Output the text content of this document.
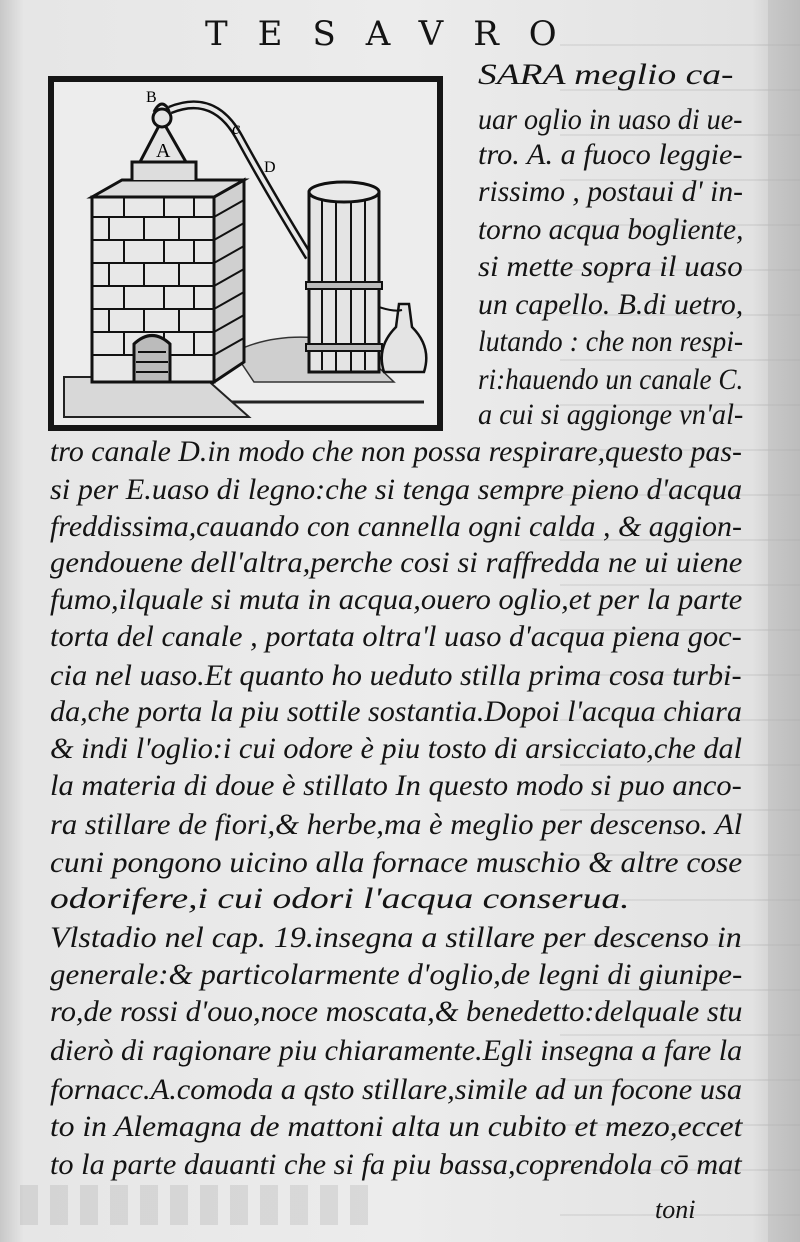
TESAVRO
B
c
A
D
SARA meglio ca-
uar oglio in uaso di ue-
tro. A. a fuoco leggie-
rissimo , postaui d' in-
torno acqua bogliente,
si mette sopra il uaso
un capello. B.di uetro,
lutando : che non respi-
ri:hauendo un canale C.
a cui si aggionge vn'al-
tro canale D.in modo che non possa respirare,questo pas-
si per E.uaso di legno:che si tenga sempre pieno d'acqua
freddissima,cauando con cannella ogni calda , & aggion-
gendouene dell'altra,perche cosi si raffredda ne ui uiene
fumo,ilquale si muta in acqua,ouero oglio,et per la parte
torta del canale , portata oltra'l uaso d'acqua piena goc-
cia nel uaso.Et quanto ho ueduto stilla prima cosa turbi-
da,che porta la piu sottile sostantia.Dopoi l'acqua chiara
& indi l'oglio:i cui odore è piu tosto di arsicciato,che dal
la materia di doue è stillato In questo modo si puo anco-
ra stillare de fiori,& herbe,ma è meglio per descenso. Al
cuni pongono uicino alla fornace muschio & altre cose
odorifere,i cui odori l'acqua conserua.
Vlstadio nel cap. 19.insegna a stillare per descenso in
generale:& particolarmente d'oglio,de legni di giunipe-
ro,de rossi d'ouo,noce moscata,& benedetto:delquale stu
dierò di ragionare piu chiaramente.Egli insegna a fare la
fornacc.A.comoda a qsto stillare,simile ad un focone usa
to in Alemagna de mattoni alta un cubito et mezo,eccet
to la parte dauanti che si fa piu bassa,coprendola cō mat
toni
